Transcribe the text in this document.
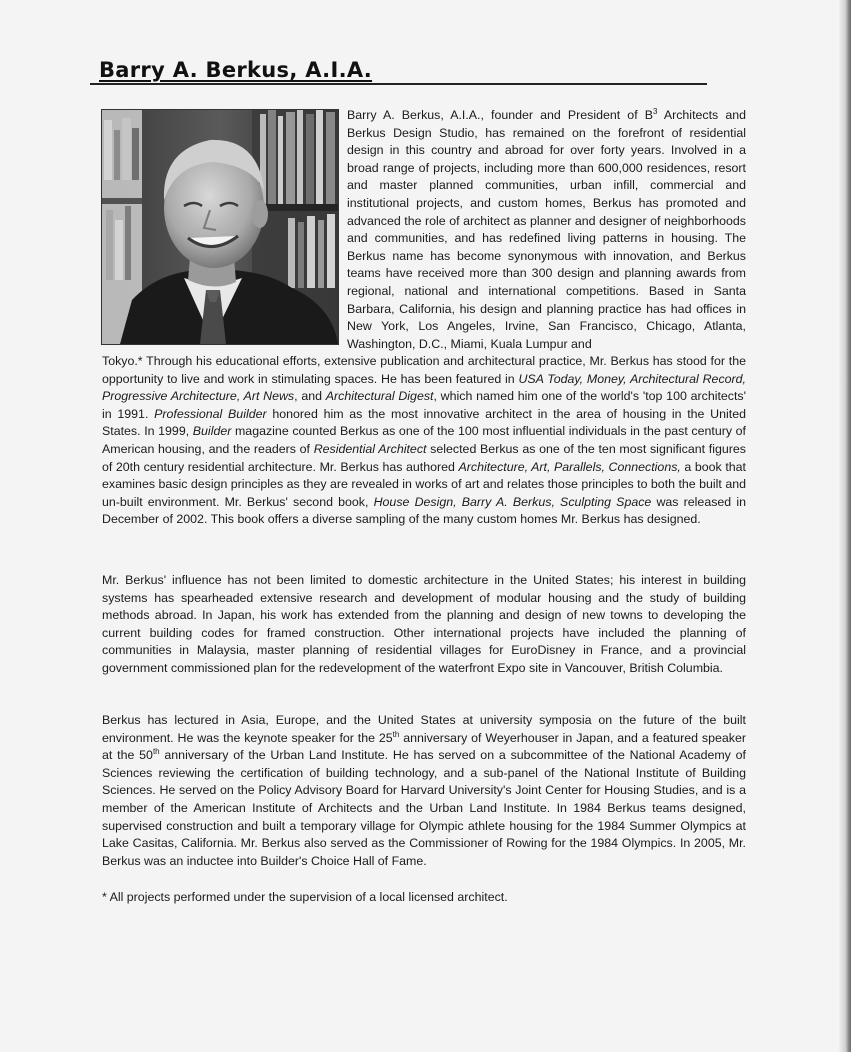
Barry A. Berkus, A.I.A.

Barry A. Berkus, A.I.A., founder and President of $B^3$ Architects and Berkus Design Studio, has remained on the forefront of residential design in this country and abroad for over forty years. Involved in a broad range of projects, including more than 600,000 residences, resort and master planned communities, urban infill, commercial and institutional projects, and custom homes, Berkus has promoted and advanced the role of architect as planner and designer of neighborhoods and communities, and has redefined living patterns in housing. The Berkus name has become synonymous with innovation, and Berkus teams have received more than 300 design and planning awards from regional, national and international competitions. Based in Santa Barbara, California, his design and planning practice has had offices in New York, Los Angeles, Irvine, San Francisco, Chicago, Atlanta, Washington, D.C., Miami, Kuala Lumpur and

Tokyo.* Through his educational efforts, extensive publication and architectural practice, Mr. Berkus has stood for the opportunity to live and work in stimulating spaces. He has been featured in USA Today, Money, Architectural Record, Progressive Architecture, Art News, and Architectural Digest, which named him one of the world's 'top 100 architects' in 1991. Professional Builder honored him as the most innovative architect in the area of housing in the United States. In 1999, Builder magazine counted Berkus as one of the 100 most influential individuals in the past century of American housing, and the readers of Residential Architect selected Berkus as one of the ten most significant figures of 20th century residential architecture. Mr. Berkus has authored Architecture, Art, Parallels, Connections, a book that examines basic design principles as they are revealed in works of art and relates those principles to both the built and un-built environment. Mr. Berkus' second book, House Design, Barry A. Berkus, Sculpting Space was released in December of 2002. This book offers a diverse sampling of the many custom homes Mr. Berkus has designed.

Mr. Berkus' influence has not been limited to domestic architecture in the United States; his interest in building systems has spearheaded extensive research and development of modular housing and the study of building methods abroad. In Japan, his work has extended from the planning and design of new towns to developing the current building codes for framed construction. Other international projects have included the planning of communities in Malaysia, master planning of residential villages for EuroDisney in France, and a provincial government commissioned plan for the redevelopment of the waterfront Expo site in Vancouver, British Columbia.

Berkus has lectured in Asia, Europe, and the United States at university symposia on the future of the built environment. He was the keynote speaker for the 25th anniversary of Weyerhouser in Japan, and a featured speaker at the 50th anniversary of the Urban Land Institute. He has served on a subcommittee of the National Academy of Sciences reviewing the certification of building technology, and a sub-panel of the National Institute of Building Sciences. He served on the Policy Advisory Board for Harvard University's Joint Center for Housing Studies, and is a member of the American Institute of Architects and the Urban Land Institute. In 1984 Berkus teams designed, supervised construction and built a temporary village for Olympic athlete housing for the 1984 Summer Olympics at Lake Casitas, California. Mr. Berkus also served as the Commissioner of Rowing for the 1984 Olympics. In 2005, Mr. Berkus was an inductee into Builder's Choice Hall of Fame.

* All projects performed under the supervision of a local licensed architect.
